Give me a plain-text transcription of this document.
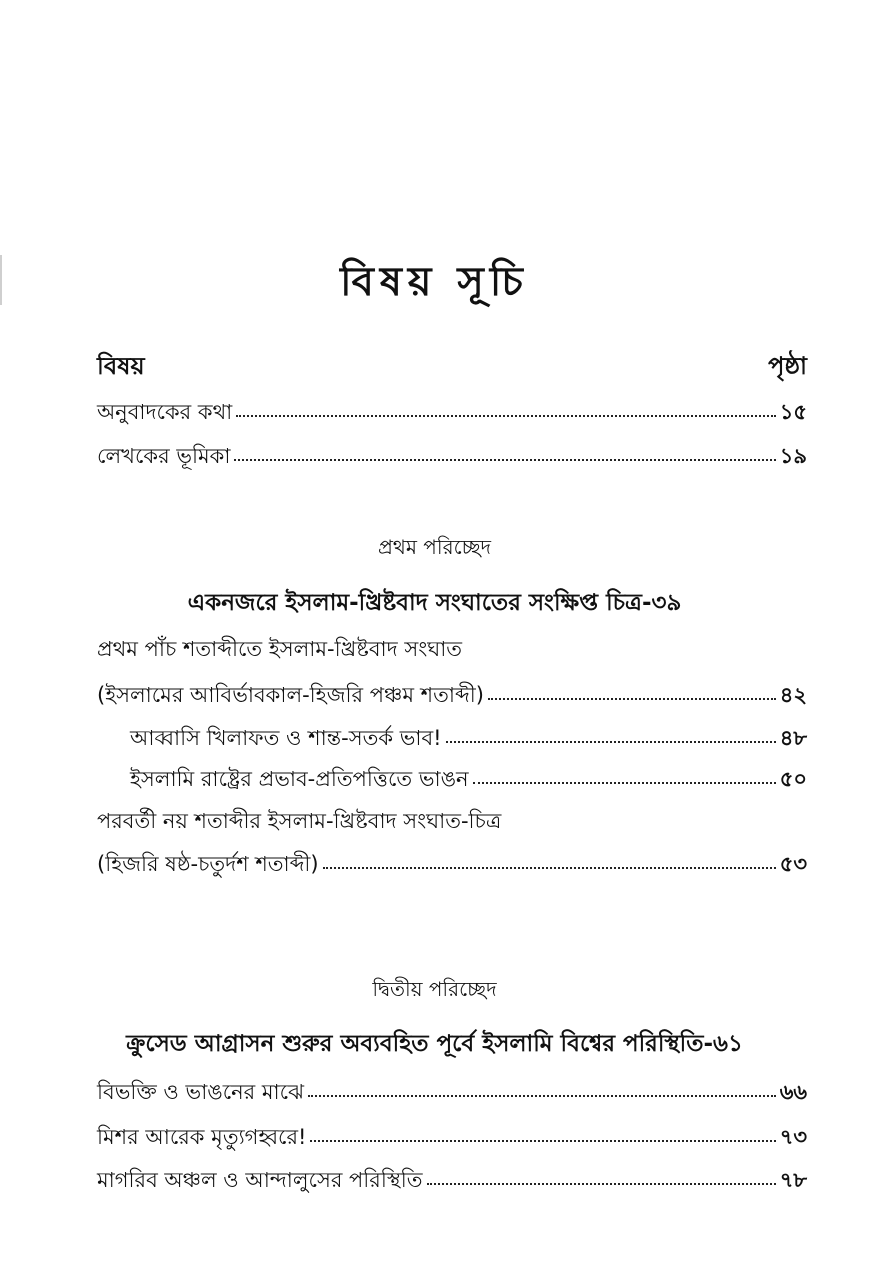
বিষয় সূচি
বিষয়	পৃষ্ঠা
অনুবাদকের কথা	১৫
লেখকের ভূমিকা	১৯
প্রথম পরিচ্ছেদ
একনজরে ইসলাম-খ্রিষ্টবাদ সংঘাতের সংক্ষিপ্ত চিত্র-৩৯
প্রথম পাঁচ শতাব্দীতে ইসলাম-খ্রিষ্টবাদ সংঘাত
(ইসলামের আবির্ভাবকাল-হিজরি পঞ্চম শতাব্দী)	৪২
আব্বাসি খিলাফত ও শান্ত-সতর্ক ভাব!	৪৮
ইসলামি রাষ্ট্রের প্রভাব-প্রতিপত্তিতে ভাঙন	৫০
পরবর্তী নয় শতাব্দীর ইসলাম-খ্রিষ্টবাদ সংঘাত-চিত্র
(হিজরি ষষ্ঠ-চতুর্দশ শতাব্দী)	৫৩
দ্বিতীয় পরিচ্ছেদ
ক্রুসেড আগ্রাসন শুরুর অব্যবহিত পূর্বে ইসলামি বিশ্বের পরিস্থিতি-৬১
বিভক্তি ও ভাঙনের মাঝে	৬৬
মিশর আরেক মৃত্যুগহ্বরে!	৭৩
মাগরিব অঞ্চল ও আন্দালুসের পরিস্থিতি	৭৮
